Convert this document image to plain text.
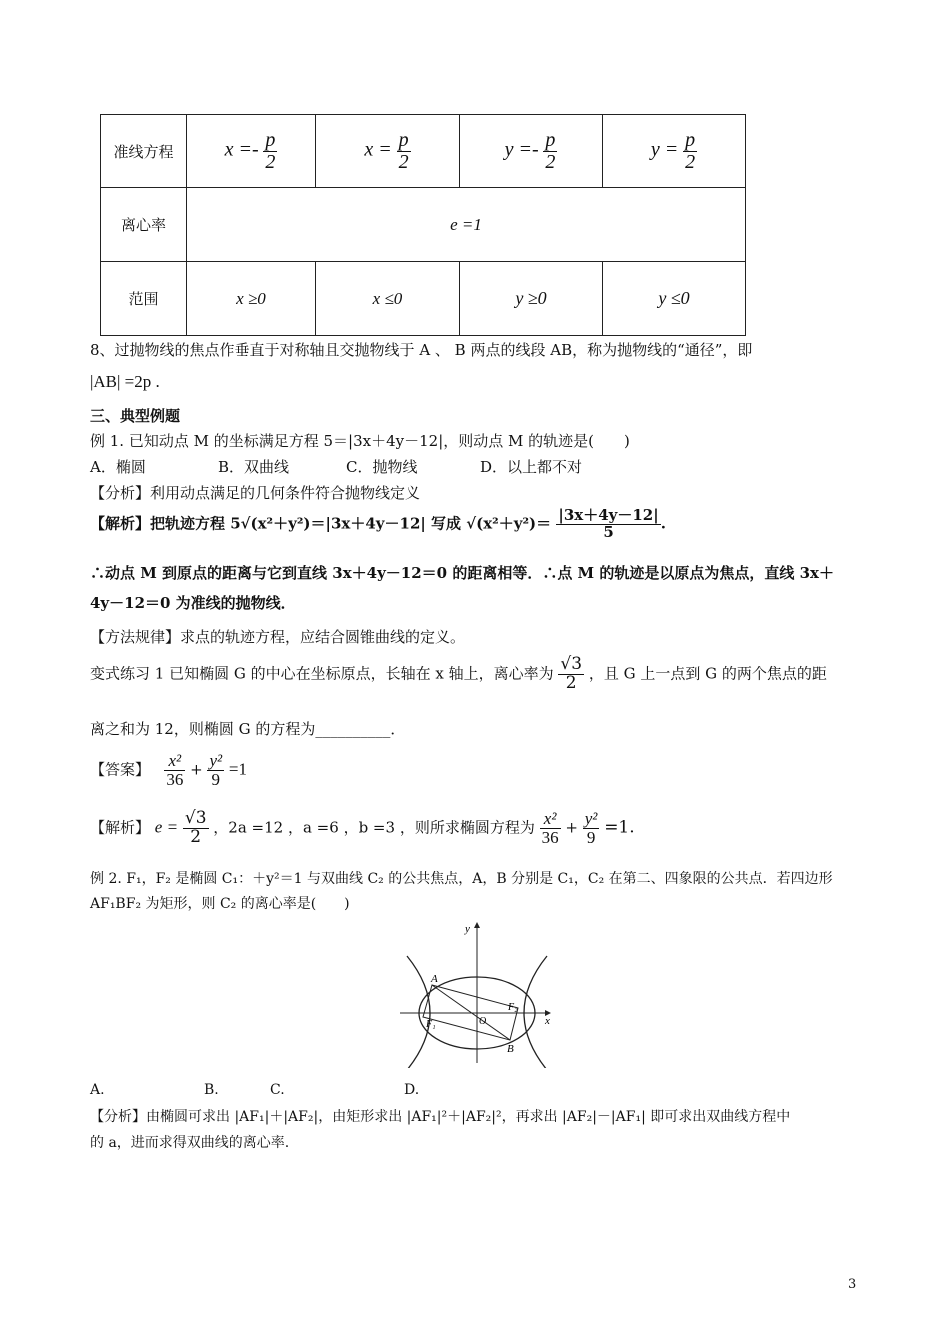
准线方程	$x =- \frac{p}{2}$	$x = \frac{p}{2}$	$y =- \frac{p}{2}$	$y = \frac{p}{2}$

离心率	e =1			
范围	x ≥0	x ≤0	y ≥0	y ≤0
8、过抛物线的焦点作垂直于对称轴且交抛物线于 A 、 B 两点的线段 AB，称为抛物线的“通径”，即
|AB| =2p .
三、典型例题
例 1. 已知动点 M 的坐标满足方程 5＝|3x＋4y－12|，则动点 M 的轨迹是(　　)
A．椭圆	B．双曲线	C．抛物线	D．以上都不对
【分析】利用动点满足的几何条件符合抛物线定义
【解析】把轨迹方程 5√(x²＋y²)＝|3x＋4y－12| 写成 $√(x^2+y^2)= \frac{|3x+4y-12|}{5}$ .
∴动点 M 到原点的距离与它到直线 3x＋4y－12＝0 的距离相等．∴点 M 的轨迹是以原点为焦点，直线 3x＋
4y－12＝0 为准线的抛物线．
【方法规律】求点的轨迹方程，应结合圆锥曲线的定义。
变式练习 1 已知椭圆 G 的中心在坐标原点，长轴在 x 轴上，离心率为 $\frac{√3}{2}$ ，且 G 上一点到 G 的两个焦点的距
离之和为 12，则椭圆 G 的方程为__________．
【答案】 $\frac{\text{x²}}{36} + \frac{\text{y²}}{9} =1$
【解析】 $e = \frac{√3}{2}$ ，2a =12 ，a =6 ，b =3 ，则所求椭圆方程为 $\frac{\text{x²}}{36} + \frac{\text{y²}}{9} =1$.
例 2. F₁，F₂ 是椭圆 C₁：＋y²＝1 与双曲线 C₂ 的公共焦点，A，B 分别是 C₁，C₂ 在第二、四象限的公共点．若四边形
AF₁BF₂ 为矩形，则 C₂ 的离心率是(　　)
y
x
A
B
O
F₁
F₂
A.	B.	C.	D.
【分析】由椭圆可求出 |AF₁|＋|AF₂|，由矩形求出 |AF₁|²＋|AF₂|²，再求出 |AF₂|－|AF₁| 即可求出双曲线方程中
的 a，进而求得双曲线的离心率.
3
